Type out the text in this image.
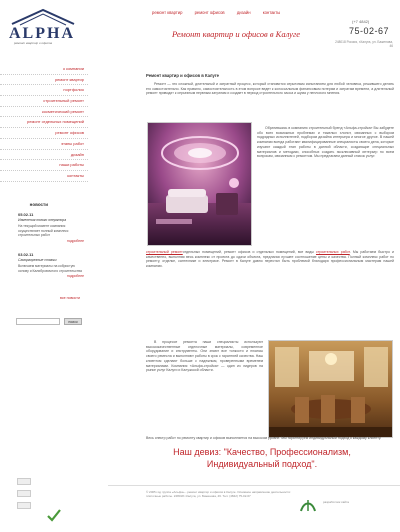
ALPHA
ремонт квартир и офисов
о компании
ремонт квартир
портфолио
строительный ремонт
косметический ремонт
ремонт отдельных помещений
ремонт офисов
этапы работ
дизайн
наши работы
контакты
новости
05.02.11
Изменения нового оператора
На текущий момент компания осуществляет полный комплекс строительных работ
подробнее
03.02.11
Саморазрезные стяжки
Включаем материалы на кобристую основу и Калибровочного строительства
подробнее
все новости
поиск
ремонт квартир	ремонт офисов	дизайн	контакты
Ремонт квартир и офисов в Калуге
(+7 4842)
75-02-67
248018 Россия, г.Калуга, ул. Баженова, 46
Ремонт квартир и офисов в Калуге

Ремонт — это сложный, длительный и затратный процесс, который становится серьезным испытанием для любой человека, решившего делать его самостоятельно. Как правило, самостоятельность в этом вопросе ведет к колоссальным финансовым потерям и затратам времени, а длительный ремонт приводит к серьезным нервным затратам и создает в период строительного хаоса и шума у неплохого мнения.

Обратившись в компанию строительный бренд «Альфа-стройка» Вы забудете обо всех возможных проблемах и тяжелых хлопот, связанных с выбором подрядных исполнителей, подбором дизайна интерьера и многое другое. В нашей компании всегда работают квалифицированные специалисты своего дела, которые изучают каждый этап работы в данной области, создающие специальных материалов и методики, способных создать эксклюзивный интерьер по всем вопросам, связанным с ремонтом. Мы предлагаем данный список услуг:

строительный ремонтотдельных помещений, ремонт офисов и отдельных помещений, все виды строительных работ. Мы работаем быстро и качественно, выполняя весь комплекс от проекта до сдачи объекта, предлагая лучшее соотношение цены и качества. Полный комплекс работ по ремонту, отделке, сантехнике и электрике. Ремонт в Калуге давно перестал быть проблемой благодаря профессиональным мастерам нашей компании.

В процессе ремонта наши специалисты используют высококачественные отделочные материалы, современное оборудование и инструменты. Они знают все тонкости и нюансы своего ремесла и выполняют работы в срок с гарантией качества. Наш клиентом сделают больше с надежным, проверенными временем материалами. Компания «Альфа-стройка» — один из лидеров на рынке услуг Калуги и Калужской области.

Весь спектр работ по ремонту квартир и офисов выполняется на высоком уровне. Мы гарантируем индивидуальный подход к каждому клиенту.

Наш девиз: "Качество, Профессионализм, Индивидуальный подход".
© 2005 год группа «Альфа» - ремонт квартир и офисов в Калуге. Основное направление деятельности: плиточные работы. 248018 г.Калуга, ул. Баженова, 46. Тел: (4842) 75-02-67
разработчик сайта
